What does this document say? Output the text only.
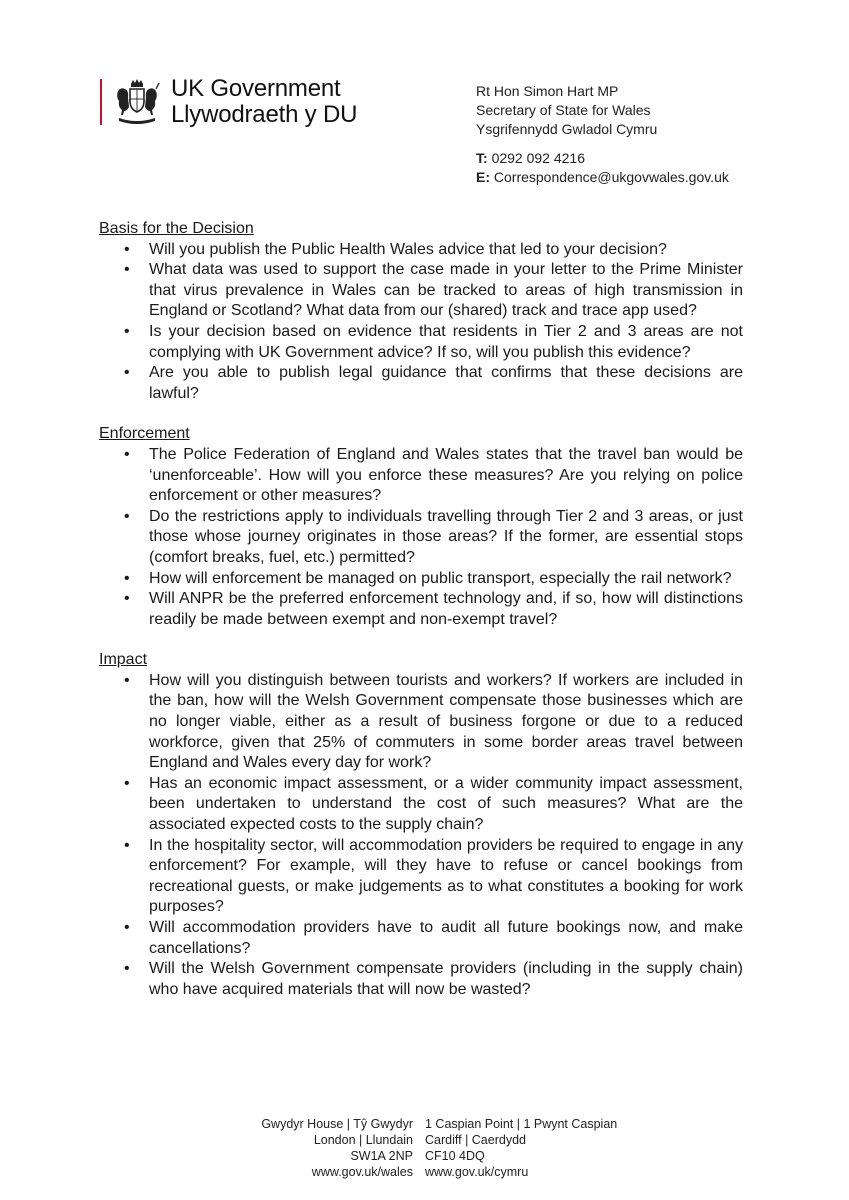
UK Government
Llywodraeth y DU
Rt Hon Simon Hart MP
Secretary of State for Wales
Ysgrifennydd Gwladol Cymru
T: 0292 092 4216
E: Correspondence@ukgovwales.gov.uk
Basis for the Decision
• Will you publish the Public Health Wales advice that led to your decision?
• What data was used to support the case made in your letter to the Prime Minister that virus prevalence in Wales can be tracked to areas of high transmission in England or Scotland? What data from our (shared) track and trace app used?
• Is your decision based on evidence that residents in Tier 2 and 3 areas are not complying with UK Government advice? If so, will you publish this evidence?
• Are you able to publish legal guidance that confirms that these decisions are lawful?
Enforcement
• The Police Federation of England and Wales states that the travel ban would be ‘unenforceable’. How will you enforce these measures? Are you relying on police enforcement or other measures?
• Do the restrictions apply to individuals travelling through Tier 2 and 3 areas, or just those whose journey originates in those areas? If the former, are essential stops (comfort breaks, fuel, etc.) permitted?
• How will enforcement be managed on public transport, especially the rail network?
• Will ANPR be the preferred enforcement technology and, if so, how will distinctions readily be made between exempt and non-exempt travel?
Impact
• How will you distinguish between tourists and workers? If workers are included in the ban, how will the Welsh Government compensate those businesses which are no longer viable, either as a result of business forgone or due to a reduced workforce, given that 25% of commuters in some border areas travel between England and Wales every day for work?
• Has an economic impact assessment, or a wider community impact assessment, been undertaken to understand the cost of such measures? What are the associated expected costs to the supply chain?
• In the hospitality sector, will accommodation providers be required to engage in any enforcement? For example, will they have to refuse or cancel bookings from recreational guests, or make judgements as to what constitutes a booking for work purposes?
• Will accommodation providers have to audit all future bookings now, and make cancellations?
• Will the Welsh Government compensate providers (including in the supply chain) who have acquired materials that will now be wasted?
Gwydyr House | Tŷ Gwydyr
London | Llundain
SW1A 2NP
www.gov.uk/wales
1 Caspian Point | 1 Pwynt Caspian
Cardiff | Caerdydd
CF10 4DQ
www.gov.uk/cymru
